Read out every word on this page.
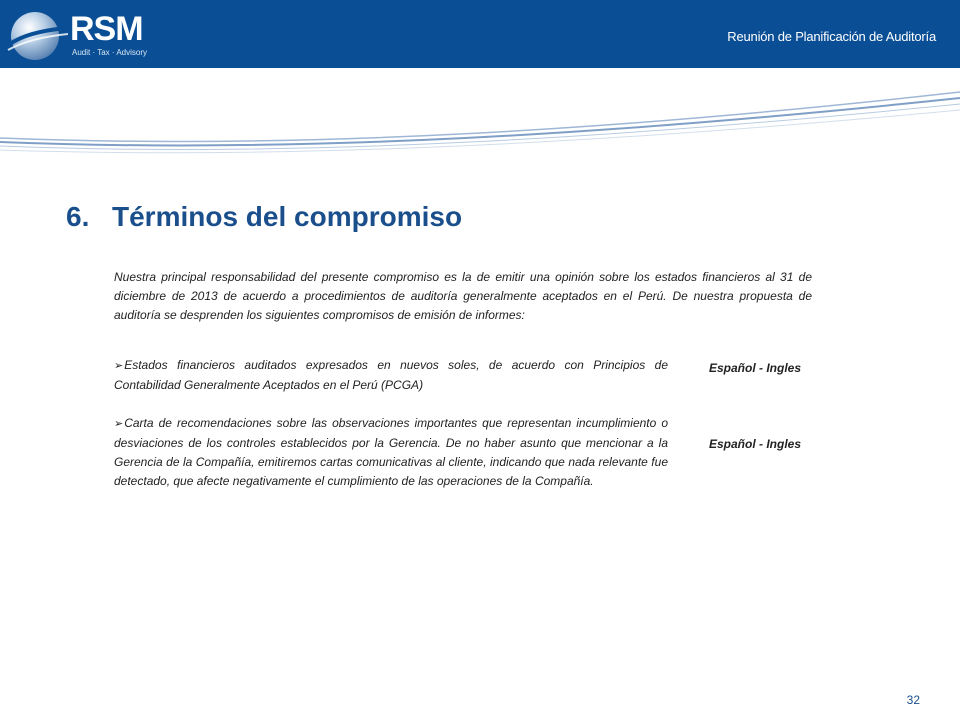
RSM
Audit · Tax · Advisory
Reunión de Planificación de Auditoría
6. Términos del compromiso

Nuestra principal responsabilidad del presente compromiso es la de emitir una opinión sobre los estados financieros al 31 de diciembre de 2013 de acuerdo a procedimientos de auditoría generalmente aceptados en el Perú. De nuestra propuesta de auditoría se desprenden los siguientes compromisos de emisión de informes:

➢Estados financieros auditados expresados en nuevos soles, de acuerdo con Principios de Contabilidad Generalmente Aceptados en el Perú (PCGA)

Español - Ingles

➢Carta de recomendaciones sobre las observaciones importantes que representan incumplimiento o desviaciones de los controles establecidos por la Gerencia. De no haber asunto que mencionar a la Gerencia de la Compañía, emitiremos cartas comunicativas al cliente, indicando que nada relevante fue detectado, que afecte negativamente el cumplimiento de las operaciones de la Compañía.

Español - Ingles
32
